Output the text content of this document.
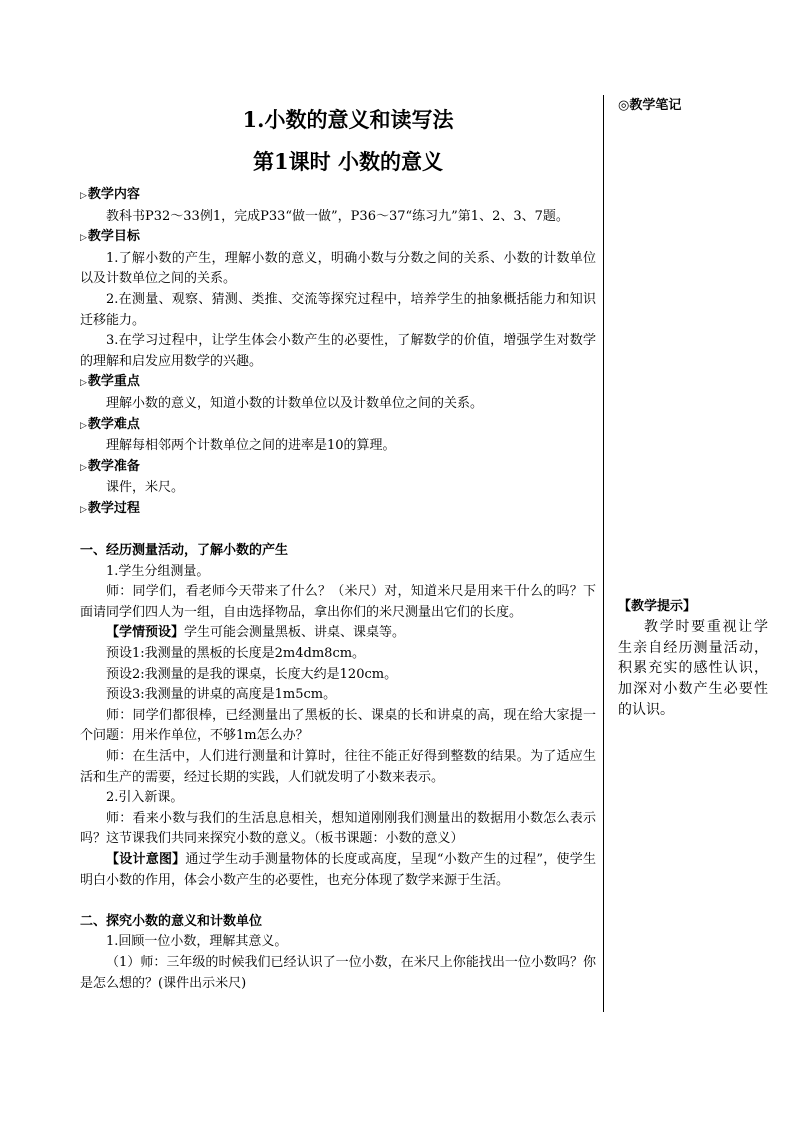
1.小数的意义和读写法
第1课时 小数的意义
▷教学内容
教科书P32～33例1，完成P33“做一做”，P36～37“练习九”第1、2、3、7题。
▷教学目标
1.了解小数的产生，理解小数的意义，明确小数与分数之间的关系、小数的计数单位以及计数单位之间的关系。
2.在测量、观察、猜测、类推、交流等探究过程中，培养学生的抽象概括能力和知识迁移能力。
3.在学习过程中，让学生体会小数产生的必要性，了解数学的价值，增强学生对数学的理解和启发应用数学的兴趣。
▷教学重点
理解小数的意义，知道小数的计数单位以及计数单位之间的关系。
▷教学难点
理解每相邻两个计数单位之间的进率是10的算理。
▷教学准备
课件，米尺。
▷教学过程
一、经历测量活动，了解小数的产生
1.学生分组测量。
师：同学们，看老师今天带来了什么？（米尺）对，知道米尺是用来干什么的吗？下面请同学们四人为一组，自由选择物品，拿出你们的米尺测量出它们的长度。
【学情预设】学生可能会测量黑板、讲桌、课桌等。
预设1:我测量的黑板的长度是2m4dm8cm。
预设2:我测量的是我的课桌，长度大约是120cm。
预设3:我测量的讲桌的高度是1m5cm。
师：同学们都很棒，已经测量出了黑板的长、课桌的长和讲桌的高，现在给大家提一个问题：用米作单位，不够1m怎么办？
师：在生活中，人们进行测量和计算时，往往不能正好得到整数的结果。为了适应生活和生产的需要，经过长期的实践，人们就发明了小数来表示。
2.引入新课。
师：看来小数与我们的生活息息相关，想知道刚刚我们测量出的数据用小数怎么表示吗？这节课我们共同来探究小数的意义。（板书课题：小数的意义）
【设计意图】通过学生动手测量物体的长度或高度，呈现“小数产生的过程”，使学生明白小数的作用，体会小数产生的必要性，也充分体现了数学来源于生活。
二、探究小数的意义和计数单位
1.回顾一位小数，理解其意义。
（1）师：三年级的时候我们已经认识了一位小数，在米尺上你能找出一位小数吗？你是怎么想的？(课件出示米尺)
◎教学笔记
【教学提示】
教学时要重视让学生亲自经历测量活动，积累充实的感性认识，加深对小数产生必要性的认识。
